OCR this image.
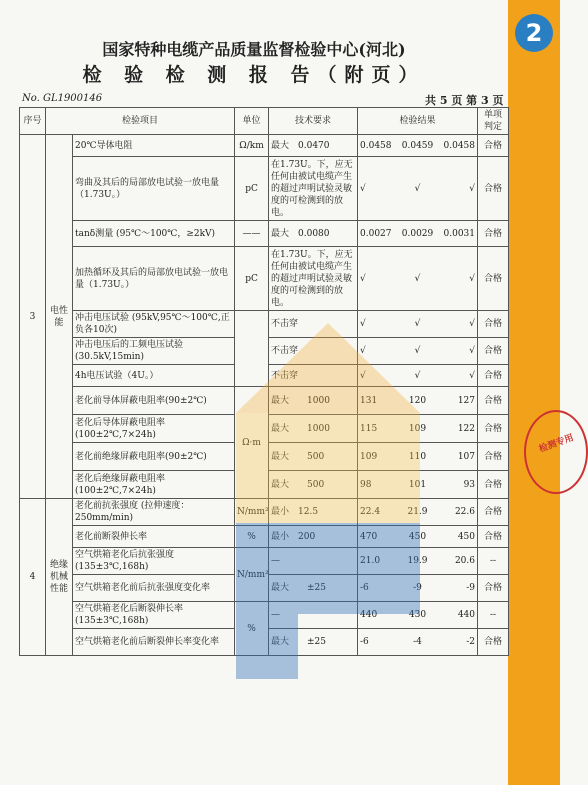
2
检测专用
国家特种电缆产品质量监督检验中心(河北)
检 验 检 测 报 告（附页）
No. GL1900146	共 5 页 第 3 页
序号	检验项目		单位	技术要求	检验结果	单项判定
3	电性能	20℃导体电阻	Ω/km	最大　0.0470	0.0458 0.0459 0.0458	合格
		弯曲及其后的局部放电试验一放电量（1.73U。）	pC	在1.73U。下，应无任何由被试电缆产生的超过声明试验灵敏度的可检测到的放电。	√ √ √	合格
		tanδ测量 (95℃～100℃，≥2kV)	——	最大　0.0080	0.0027 0.0029 0.0031	合格
		加热循环及其后的局部放电试验一放电量（1.73U。）	pC	在1.73U。下，应无任何由被试电缆产生的超过声明试验灵敏度的可检测到的放电。	√ √ √	合格
		冲击电压试验 (95kV,95℃～100℃,正负各10次)		不击穿	√ √ √	合格
		冲击电压后的工频电压试验 (30.5kV,15min)		不击穿	√ √ √	合格
		4h电压试验（4U。）		不击穿	√ √ √	合格
		老化前导体屏蔽电阻率(90±2℃)	Ω·m	最大　　1000	131 120 127	合格
		老化后导体屏蔽电阻率(100±2℃,7×24h)		最大　　1000	115 109 122	合格
		老化前绝缘屏蔽电阻率(90±2℃)		最大　　500	109 110 107	合格
		老化后绝缘屏蔽电阻率(100±2℃,7×24h)		最大　　500	98 101 93	合格
4	绝缘机械性能	老化前抗张强度 (拉伸速度：250mm/min)	N/mm²	最小　12.5	22.4 21.9 22.6	合格
		老化前断裂伸长率	%	最小　200	470 450 450	合格
		空气烘箱老化后抗张强度 (135±3℃,168h)	N/mm²	—	21.0 19.9 20.6	--
		空气烘箱老化前后抗张强度变化率		最大　　±25	-6 -9 -9	合格
		空气烘箱老化后断裂伸长率 (135±3℃,168h)	%	—	440 430 440	--
		空气烘箱老化前后断裂伸长率变化率		最大　　±25	-6 -4 -2	合格
